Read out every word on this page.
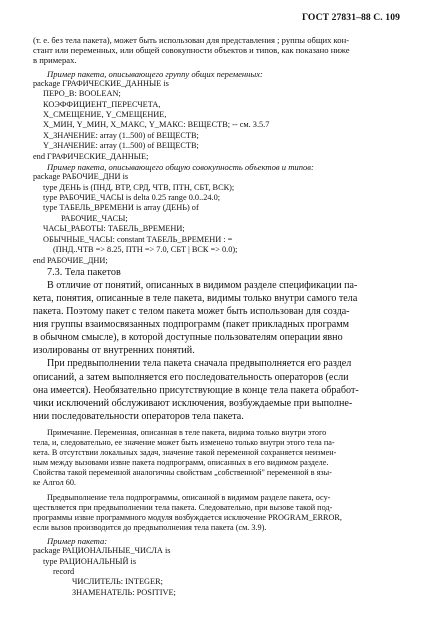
ГОСТ 27831–88 С. 109

(т. е. без тела пакета), может быть использован для представления ; руппы общих кон-

стант или переменных, или общей совокупности объектов и типов, как показано ниже

в примерах.

Пример пакета, описывающего группу общих переменных:

package ГРАФИЧЕСКИЕ_ДАННЫЕ is

ПЕРО_В: BOOLEAN;

КОЭФФИЦИЕНТ_ПЕРЕСЧЕТА,

X_СМЕЩЕНИЕ, Y_СМЕЩЕНИЕ,

X_МИН, Y_МИН, X_МАКС, Y_МАКС: ВЕЩЕСТВ; -- см. 3.5.7

X_ЗНАЧЕНИЕ: array (1..500) of ВЕЩЕСТВ;

Y_ЗНАЧЕНИЕ: array (1..500) of ВЕЩЕСТВ;

end ГРАФИЧЕСКИЕ_ДАННЫЕ;

Пример пакета, описывающего общую совокупность объектов и типов:

package РАБОЧИЕ_ДНИ is

type ДЕНЬ is (ПНД, ВТР, СРД, ЧТВ, ПТН, СБТ, ВСК);

type РАБОЧИЕ_ЧАСЫ is delta 0.25 range 0.0..24.0;

type ТАБЕЛЬ_ВРЕМЕНИ is array (ДЕНЬ) of

РАБОЧИЕ_ЧАСЫ;

ЧАСЫ_РАБОТЫ: ТАБЕЛЬ_ВРЕМЕНИ;

ОБЫЧНЫЕ_ЧАСЫ: constant ТАБЕЛЬ_ВРЕМЕНИ : =

(ПНД..ЧТВ => 8.25, ПТН => 7.0, СБТ | ВСК => 0.0);

end РАБОЧИЕ_ДНИ;

7.3. Тела пакетов

В отличие от понятий, описанных в видимом разделе спецификации па-

кета, понятия, описанные в теле пакета, видимы только внутри самого тела

пакета. Поэтому пакет с телом пакета может быть использован для созда-

ния группы взаимосвязанных подпрограмм (пакет прикладных программ

в обычном смысле), в которой доступные пользователям операции явно

изолированы от внутренних понятий.

При предвыполнении тела пакета сначала предвыполняется его раздел

описаний, а затем выполняется его последовательность операторов (если

она имеется). Необязательно присутствующие в конце тела пакета обработ-

чики исключений обслуживают исключения, возбуждаемые при выполне-

нии последовательности операторов тела пакета.

Примечание. Переменная, описанная в теле пакета, видима только внутри этого

тела, и, следовательно, ее значение может быть изменено только внутри этого тела па-

кета. В отсутствии локальных задач, значение такой переменной сохраняется неизмен-

ным между вызовами извне пакета подпрограмм, описанных в его видимом разделе.

Свойства такой переменной аналогичны свойствам „собственной" переменной в язы-

ке Алгол 60.

Предвыполнение тела подпрограммы, описанной в видимом разделе пакета, осу-

ществляется при предвыполнении тела пакета. Следовательно, при вызове такой под-

программы извне программного модуля возбуждается исключение PROGRAM_ERROR,

если вызов производится до предвыполнения тела пакета (см. 3.9).

Пример пакета:

package РАЦИОНАЛЬНЫЕ_ЧИСЛА is

type РАЦИОНАЛЬНЫЙ is

record

ЧИСЛИТЕЛЬ: INTEGER;

ЗНАМЕНАТЕЛЬ: POSITIVE;
